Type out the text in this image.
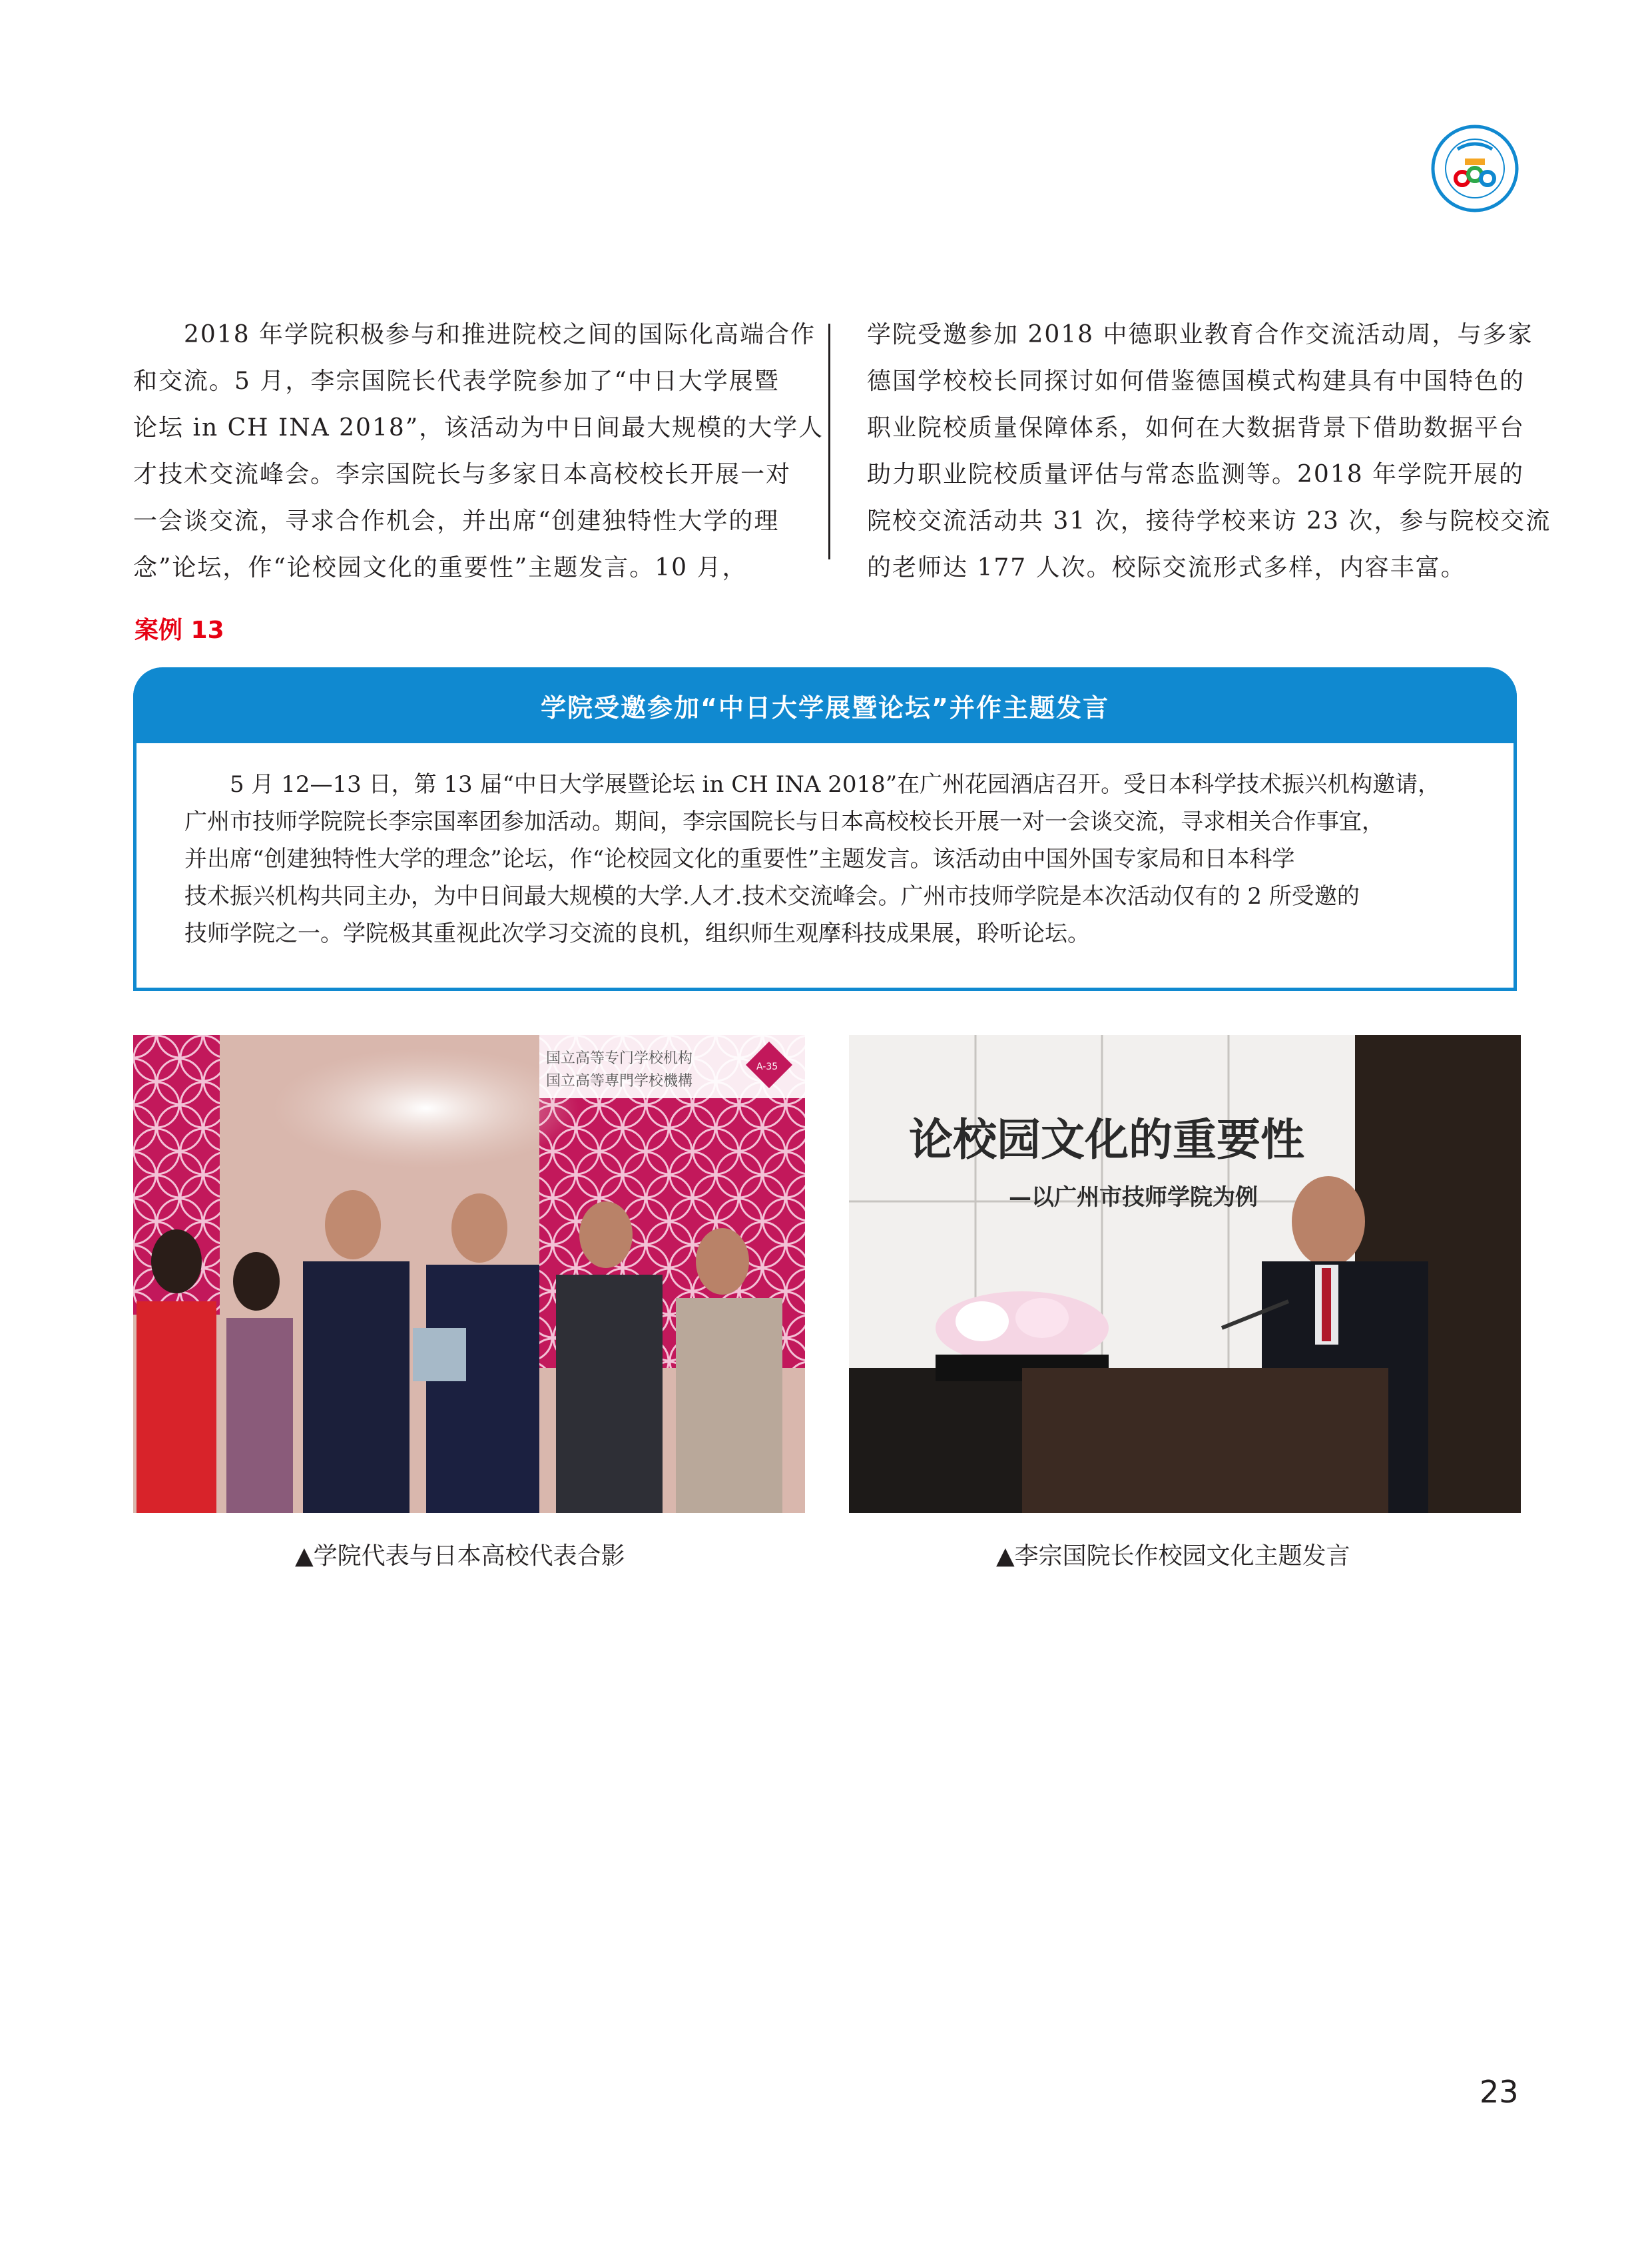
　　2018 年学院积极参与和推进院校之间的国际化高端合作

和交流。5 月，李宗国院长代表学院参加了“中日大学展暨

论坛 in CH INA 2018”，该活动为中日间最大规模的大学人

才技术交流峰会。李宗国院长与多家日本高校校长开展一对

一会谈交流，寻求合作机会，并出席“创建独特性大学的理

念”论坛，作“论校园文化的重要性”主题发言。10 月，

学院受邀参加 2018 中德职业教育合作交流活动周，与多家

德国学校校长同探讨如何借鉴德国模式构建具有中国特色的

职业院校质量保障体系，如何在大数据背景下借助数据平台

助力职业院校质量评估与常态监测等。2018 年学院开展的

院校交流活动共 31 次，接待学校来访 23 次，参与院校交流

的老师达 177 人次。校际交流形式多样，内容丰富。

案例 13
学院受邀参加“中日大学展暨论坛”并作主题发言

　　5 月 12—13 日，第 13 届“中日大学展暨论坛 in CH INA 2018”在广州花园酒店召开。受日本科学技术振兴机构邀请，

广州市技师学院院长李宗国率团参加活动。期间，李宗国院长与日本高校校长开展一对一会谈交流，寻求相关合作事宜，

并出席“创建独特性大学的理念”论坛，作“论校园文化的重要性”主题发言。该活动由中国外国专家局和日本科学

技术振兴机构共同主办，为中日间最大规模的大学.人才.技术交流峰会。广州市技师学院是本次活动仅有的 2 所受邀的

技师学院之一。学院极其重视此次学习交流的良机，组织师生观摩科技成果展，聆听论坛。

国立高等专门学校机构
国立高等専門学校機構
A-35
论校园文化的重要性
—以广州市技师学院为例
▲学院代表与日本高校代表合影	▲李宗国院长作校园文化主题发言
23
